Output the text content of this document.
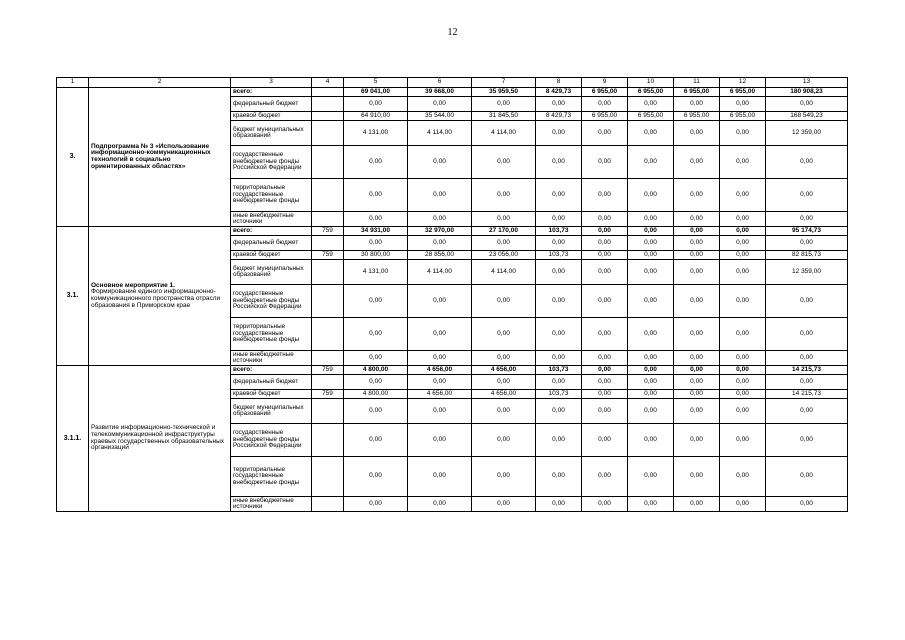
12
1	2	3	4	5	6	7	8	9	10	11	12	13
3.	Подпрограмма № 3 «Использование информационно-коммуникационных технологий в социально ориентированных областях»	всего:		69 041,00	39 668,00	35 959,50	8 429,73	6 955,00	6 955,00	6 955,00	6 955,00	180 908,23
		федеральный бюджет		0,00	0,00	0,00	0,00	0,00	0,00	0,00	0,00	0,00
		краевой бюджет		64 910,00	35 544,00	31 845,50	8 429,73	6 955,00	6 955,00	6 955,00	6 955,00	168 549,23
		бюджет муниципальных образований		4 131,00	4 114,00	4 114,00	0,00	0,00	0,00	0,00	0,00	12 359,00
		государственные внебюджетные фонды Российской Федерации		0,00	0,00	0,00	0,00	0,00	0,00	0,00	0,00	0,00
		территориальные государственные внебюджетные фонды		0,00	0,00	0,00	0,00	0,00	0,00	0,00	0,00	0,00
		иные внебюджетные источники		0,00	0,00	0,00	0,00	0,00	0,00	0,00	0,00	0,00
3.1.	Основное мероприятие 1.
Формирование единого информационно-коммуникационного пространства отрасли образования в Приморском крае	всего:	759	34 931,00	32 970,00	27 170,00	103,73	0,00	0,00	0,00	0,00	95 174,73
		федеральный бюджет		0,00	0,00	0,00	0,00	0,00	0,00	0,00	0,00	0,00
		краевой бюджет	759	30 800,00	28 856,00	23 056,00	103,73	0,00	0,00	0,00	0,00	82 815,73
		бюджет муниципальных образований		4 131,00	4 114,00	4 114,00	0,00	0,00	0,00	0,00	0,00	12 359,00
		государственные внебюджетные фонды Российской Федерации		0,00	0,00	0,00	0,00	0,00	0,00	0,00	0,00	0,00
		территориальные государственные внебюджетные фонды		0,00	0,00	0,00	0,00	0,00	0,00	0,00	0,00	0,00
		иные внебюджетные источники		0,00	0,00	0,00	0,00	0,00	0,00	0,00	0,00	0,00
3.1.1.	Развитие информационно-технической и телекоммуникационной инфраструктуры краевых государственных образовательных организаций	всего:	759	4 800,00	4 656,00	4 656,00	103,73	0,00	0,00	0,00	0,00	14 215,73
		федеральный бюджет		0,00	0,00	0,00	0,00	0,00	0,00	0,00	0,00	0,00
		краевой бюджет	759	4 800,00	4 656,00	4 656,00	103,73	0,00	0,00	0,00	0,00	14 215,73
		бюджет муниципальных образований		0,00	0,00	0,00	0,00	0,00	0,00	0,00	0,00	0,00
		государственные внебюджетные фонды Российской Федерации		0,00	0,00	0,00	0,00	0,00	0,00	0,00	0,00	0,00
		территориальные государственные внебюджетные фонды		0,00	0,00	0,00	0,00	0,00	0,00	0,00	0,00	0,00
		иные внебюджетные источники		0,00	0,00	0,00	0,00	0,00	0,00	0,00	0,00	0,00
